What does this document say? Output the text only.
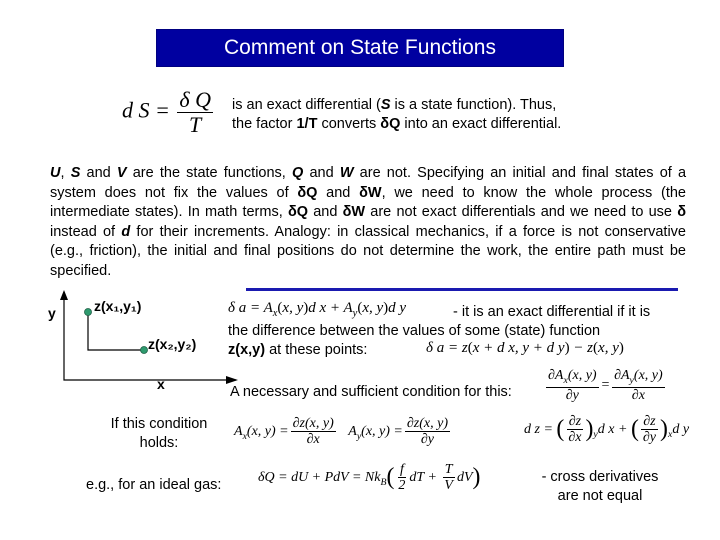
Comment on State Functions
d $S = \frac{\text{δ Q}}{T}$ is an exact differential (S is a state function). Thus,
the factor 1/T converts δQ into an exact differential.
U, S and V are the state functions, Q and W are not. Specifying an initial and final states of a system does not fix the values of δQ and δW, we need to know the whole process (the intermediate states). In math terms, δQ and δW are not exact differentials and we need to use δ instead of d for their increments. Analogy: in classical mechanics, if a force is not conservative (e.g., friction), the initial and final positions do not determine the work, the entire path must be specified.
y
x
z(x₁,y₁)
z(x₂,y₂)
δ $a = A_x(x$, y)d $x + A_y(x$, y)d y	- it is an exact differential if it is
the difference between the values of some (state) function
z(x,y) at these points:	δ a = z(x + d x, y + d y) − z(x, y)
A necessary and sufficient condition for this: $\frac{\partial A_x(x, y)}{\partial y} = \frac{\partial A_y(x, y)}{\partial x}$
If this condition
holds:
$A_x(x$, $y) = \frac{\partial z(x, y)}{\partial x} A_y(x$, $y) = \frac{\partial z(x, y)}{\partial y}$	d z = ( $\frac{\partial z}{\partial x} )_yd$ x + ( $\frac{\partial z}{\partial y} )_xd$ y
e.g., for an ideal gas:	δQ = dU + PdV = $Nk_B( \frac{f}{2}$ dT + $\frac{T}{V} dV$)	- cross derivatives
are not equal
